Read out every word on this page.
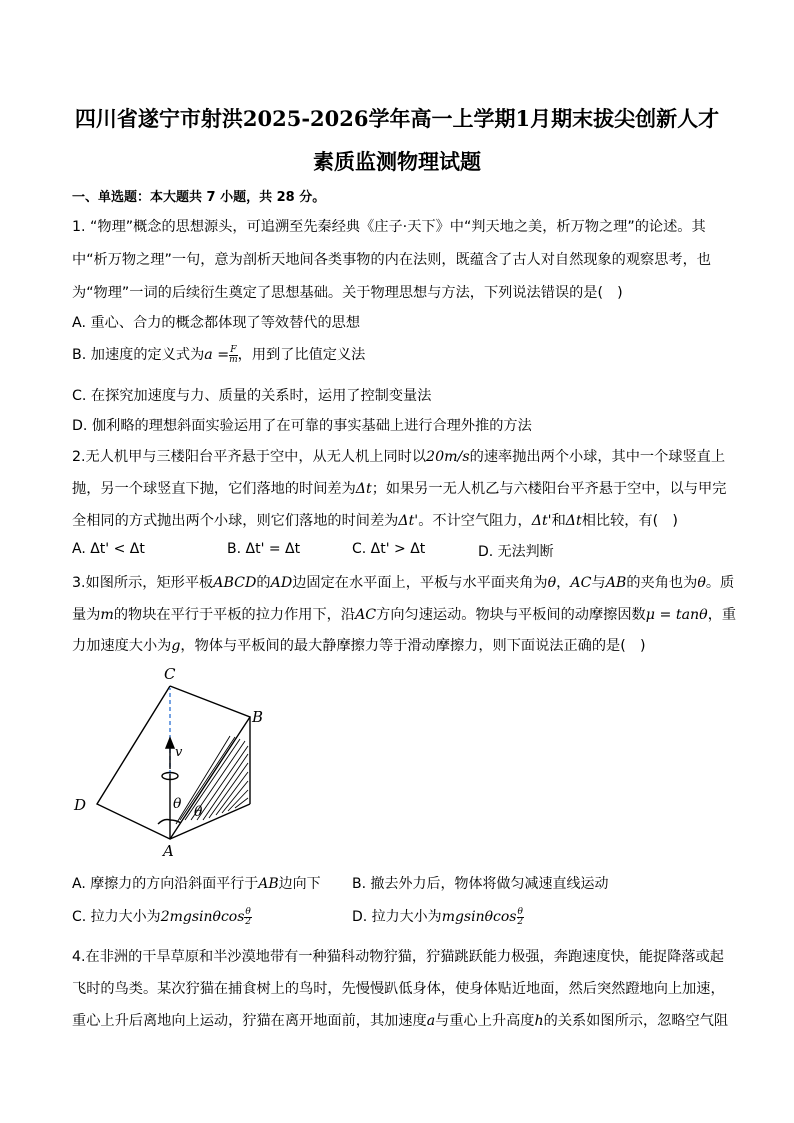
四川省遂宁市射洪2025-2026学年高一上学期1月期末拔尖创新人才
素质监测物理试题
一、单选题：本大题共 7 小题，共 28 分。
1. “物理”概念的思想源头，可追溯至先秦经典《庄子·天下》中“判天地之美，析万物之理”的论述。其
中“析万物之理”一句，意为剖析天地间各类事物的内在法则，既蕴含了古人对自然现象的观察思考，也
为“物理”一词的后续衍生奠定了思想基础。关于物理思想与方法，下列说法错误的是(　)
A. 重心、合力的概念都体现了等效替代的思想
B. 加速度的定义式为$a = \frac{F}{m}$ ，用到了比值定义法
C. 在探究加速度与力、质量的关系时，运用了控制变量法
D. 伽利略的理想斜面实验运用了在可靠的事实基础上进行合理外推的方法
2.无人机甲与三楼阳台平齐悬于空中，从无人机上同时以20m/s的速率抛出两个小球，其中一个球竖直上
抛，另一个球竖直下抛，它们落地的时间差为Δt；如果另一无人机乙与六楼阳台平齐悬于空中，以与甲完
全相同的方式抛出两个小球，则它们落地的时间差为Δt'。不计空气阻力，Δt'和Δt相比较，有(　)
A. Δt' < Δt	B. Δt' = Δt	C. Δt' > Δt	D. 无法判断
3.如图所示，矩形平板ABCD的AD边固定在水平面上，平板与水平面夹角为θ，AC与AB的夹角也为θ。质
量为m的物块在平行于平板的拉力作用下，沿AC方向匀速运动。物块与平板间的动摩擦因数μ = tanθ，重
力加速度大小为g，物体与平板间的最大静摩擦力等于滑动摩擦力，则下面说法正确的是(　)
C
B
D
A
v
θ θ
A. 摩擦力的方向沿斜面平行于AB边向下 B. 撤去外力后，物体将做匀减速直线运动
C. 拉力大小为$2mgsin\theta\cos \frac{\theta}{2}$	D. 拉力大小为mgsinθcos $\frac{\theta}{2}$
4.在非洲的干旱草原和半沙漠地带有一种猫科动物狞猫，狞猫跳跃能力极强，奔跑速度快，能捉降落或起
飞时的鸟类。某次狞猫在捕食树上的鸟时，先慢慢趴低身体，使身体贴近地面，然后突然蹬地向上加速，
重心上升后离地向上运动，狞猫在离开地面前，其加速度a与重心上升高度h的关系如图所示，忽略空气阻
